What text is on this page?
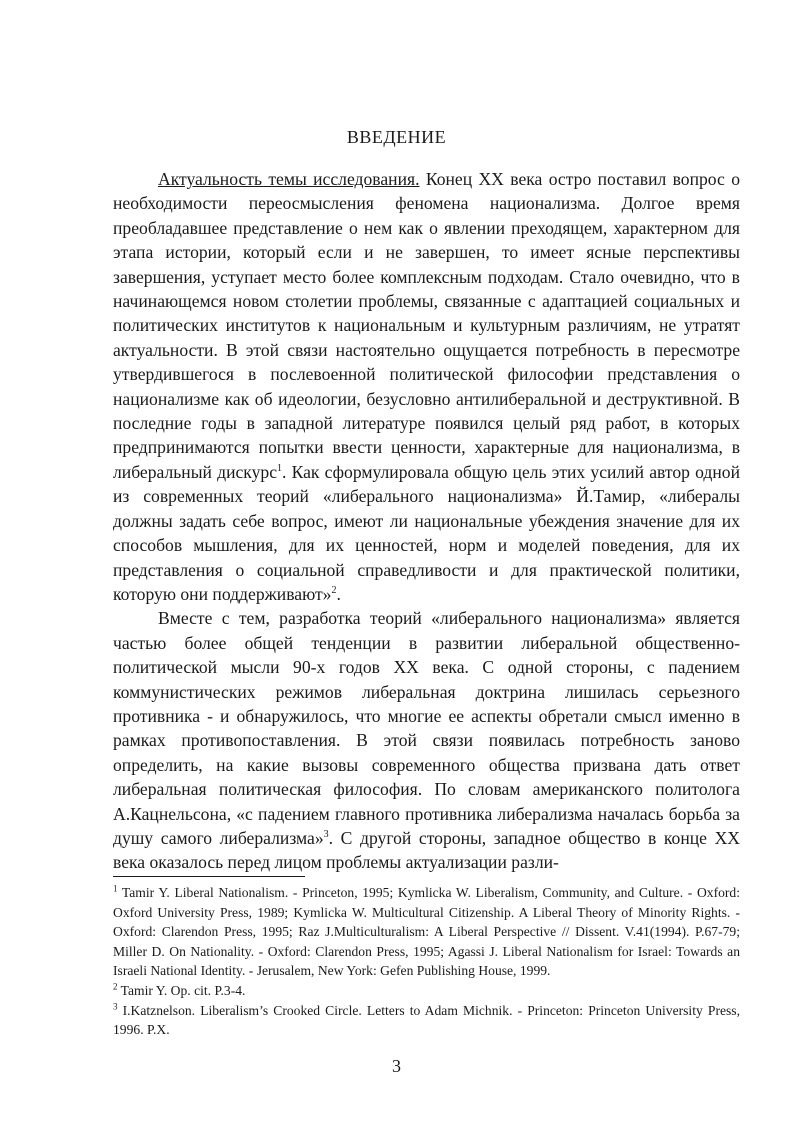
ВВЕДЕНИЕ

Актуальность темы исследования. Конец XX века остро поставил вопрос о необходимости переосмысления феномена национализма. Долгое время преобладавшее представление о нем как о явлении преходящем, характерном для этапа истории, который если и не завершен, то имеет ясные перспективы завершения, уступает место более комплексным подходам. Стало очевидно, что в начинающемся новом столетии проблемы, связанные с адаптацией социальных и политических институтов к национальным и культурным различиям, не утратят актуальности. В этой связи настоятельно ощущается потребность в пересмотре утвердившегося в послевоенной политической философии представления о национализме как об идеологии, безусловно антилиберальной и деструктивной. В последние годы в западной литературе появился целый ряд работ, в которых предпринимаются попытки ввести ценности, характерные для национализма, в либеральный дискурс$^1$. Как сформулировала общую цель этих усилий автор одной из современных теорий «либерального национализма» Й.Тамир, «либералы должны задать себе вопрос, имеют ли национальные убеждения значение для их способов мышления, для их ценностей, норм и моделей поведения, для их представления о социальной справедливости и для практической политики, которую они поддерживают»$^2$.

Вместе с тем, разработка теорий «либерального национализма» является частью более общей тенденции в развитии либеральной общественно-политической мысли 90-х годов XX века. С одной стороны, с падением коммунистических режимов либеральная доктрина лишилась серьезного противника - и обнаружилось, что многие ее аспекты обретали смысл именно в рамках противопоставления. В этой связи появилась потребность заново определить, на какие вызовы современного общества призвана дать ответ либеральная политическая философия. По словам американского политолога А.Кацнельсона, «с падением главного противника либерализма началась борьба за душу самого либерализма»$^3$. С другой стороны, западное общество в конце XX века оказалось перед лицом проблемы актуализации разли-

$^1$ Tamir Y. Liberal Nationalism. - Princeton, 1995; Kymlicka W. Liberalism, Community, and Culture. - Oxford: Oxford University Press, 1989; Kymlicka W. Multicultural Citizenship. A Liberal Theory of Minority Rights. - Oxford: Clarendon Press, 1995; Raz J.Multiculturalism: A Liberal Perspective // Dissent. V.41(1994). P.67-79; Miller D. On Nationality. - Oxford: Clarendon Press, 1995; Agassi J. Liberal Nationalism for Israel: Towards an Israeli National Identity. - Jerusalem, New York: Gefen Publishing House, 1999.

$^2$ Tamir Y. Op. cit. P.3-4.

$^3$ I.Katznelson. Liberalism’s Crooked Circle. Letters to Adam Michnik. - Princeton: Princeton University Press, 1996. P.X.

3
